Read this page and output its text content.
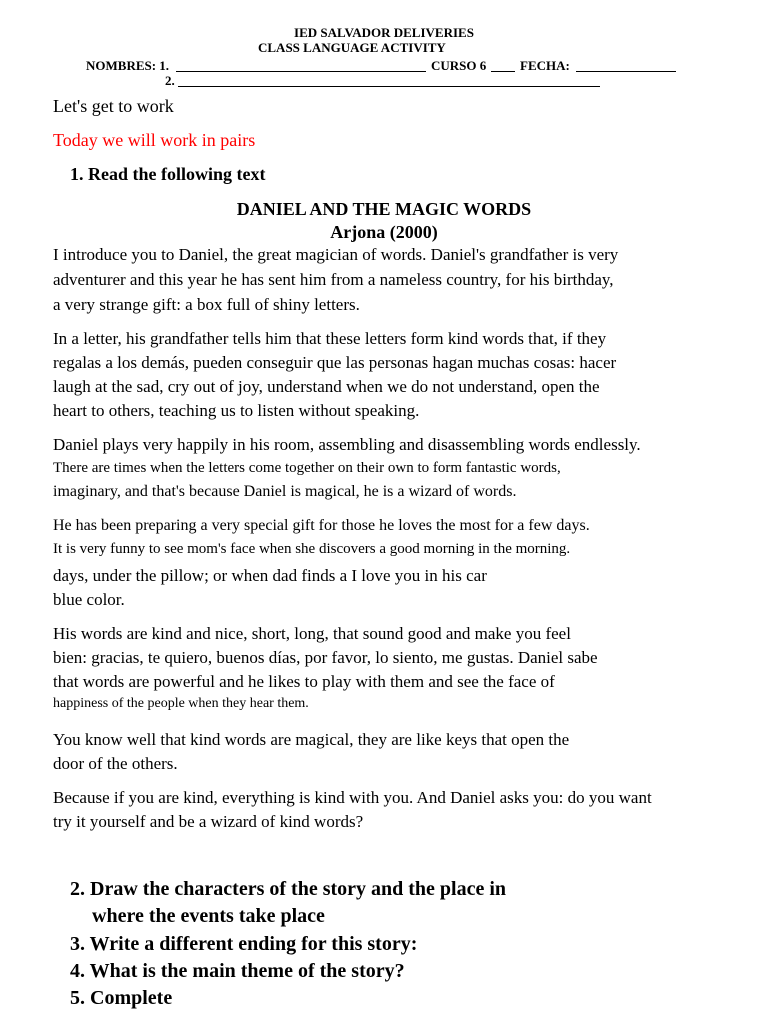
IED SALVADOR DELIVERIES
CLASS LANGUAGE ACTIVITY
NOMBRES: 1.	CURSO 6	FECHA:
2.
Let's get to work
Today we will work in pairs
1. Read the following text
DANIEL AND THE MAGIC WORDS
Arjona (2000)
I introduce you to Daniel, the great magician of words. Daniel's grandfather is very
adventurer and this year he has sent him from a nameless country, for his birthday,
a very strange gift: a box full of shiny letters.
In a letter, his grandfather tells him that these letters form kind words that, if they
regalas a los demás, pueden conseguir que las personas hagan muchas cosas: hacer
laugh at the sad, cry out of joy, understand when we do not understand, open the
heart to others, teaching us to listen without speaking.
Daniel plays very happily in his room, assembling and disassembling words endlessly.
There are times when the letters come together on their own to form fantastic words,
imaginary, and that's because Daniel is magical, he is a wizard of words.
He has been preparing a very special gift for those he loves the most for a few days.
It is very funny to see mom's face when she discovers a good morning in the morning.
days, under the pillow; or when dad finds a I love you in his car
blue color.
His words are kind and nice, short, long, that sound good and make you feel
bien: gracias, te quiero, buenos días, por favor, lo siento, me gustas. Daniel sabe
that words are powerful and he likes to play with them and see the face of
happiness of the people when they hear them.
You know well that kind words are magical, they are like keys that open the
door of the others.
Because if you are kind, everything is kind with you. And Daniel asks you: do you want
try it yourself and be a wizard of kind words?
2. Draw the characters of the story and the place in
where the events take place
3. Write a different ending for this story:
4. What is the main theme of the story?
5. Complete
